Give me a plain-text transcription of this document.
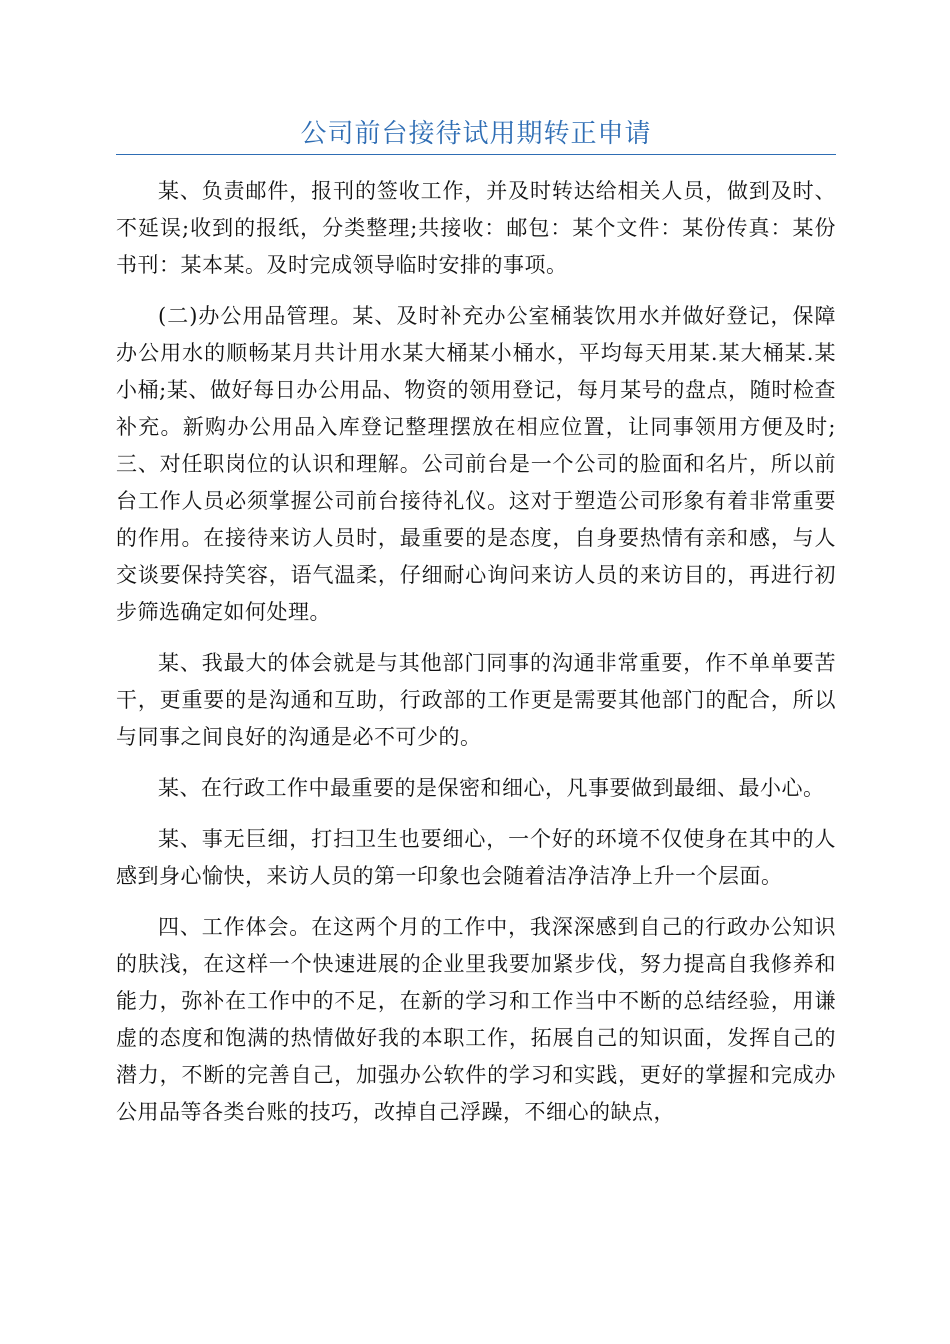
公司前台接待试用期转正申请

某、负责邮件，报刊的签收工作，并及时转达给相关人员，做到及时、不延误;收到的报纸，分类整理;共接收：邮包：某个文件：某份传真：某份书刊：某本某。及时完成领导临时安排的事项。

(二)办公用品管理。某、及时补充办公室桶装饮用水并做好登记，保障办公用水的顺畅某月共计用水某大桶某小桶水，平均每天用某.某大桶某.某小桶;某、做好每日办公用品、物资的领用登记，每月某号的盘点，随时检查补充。新购办公用品入库登记整理摆放在相应位置，让同事领用方便及时;三、对任职岗位的认识和理解。公司前台是一个公司的脸面和名片，所以前台工作人员必须掌握公司前台接待礼仪。这对于塑造公司形象有着非常重要的作用。在接待来访人员时，最重要的是态度，自身要热情有亲和感，与人交谈要保持笑容，语气温柔，仔细耐心询问来访人员的来访目的，再进行初步筛选确定如何处理。

某、我最大的体会就是与其他部门同事的沟通非常重要，作不单单要苦干，更重要的是沟通和互助，行政部的工作更是需要其他部门的配合，所以与同事之间良好的沟通是必不可少的。

某、在行政工作中最重要的是保密和细心，凡事要做到最细、最小心。

某、事无巨细，打扫卫生也要细心，一个好的环境不仅使身在其中的人感到身心愉快，来访人员的第一印象也会随着洁净洁净上升一个层面。

四、工作体会。在这两个月的工作中，我深深感到自己的行政办公知识的肤浅，在这样一个快速进展的企业里我要加紧步伐，努力提高自我修养和能力，弥补在工作中的不足，在新的学习和工作当中不断的总结经验，用谦虚的态度和饱满的热情做好我的本职工作，拓展自己的知识面，发挥自己的潜力，不断的完善自己，加强办公软件的学习和实践，更好的掌握和完成办公用品等各类台账的技巧，改掉自己浮躁，不细心的缺点，
